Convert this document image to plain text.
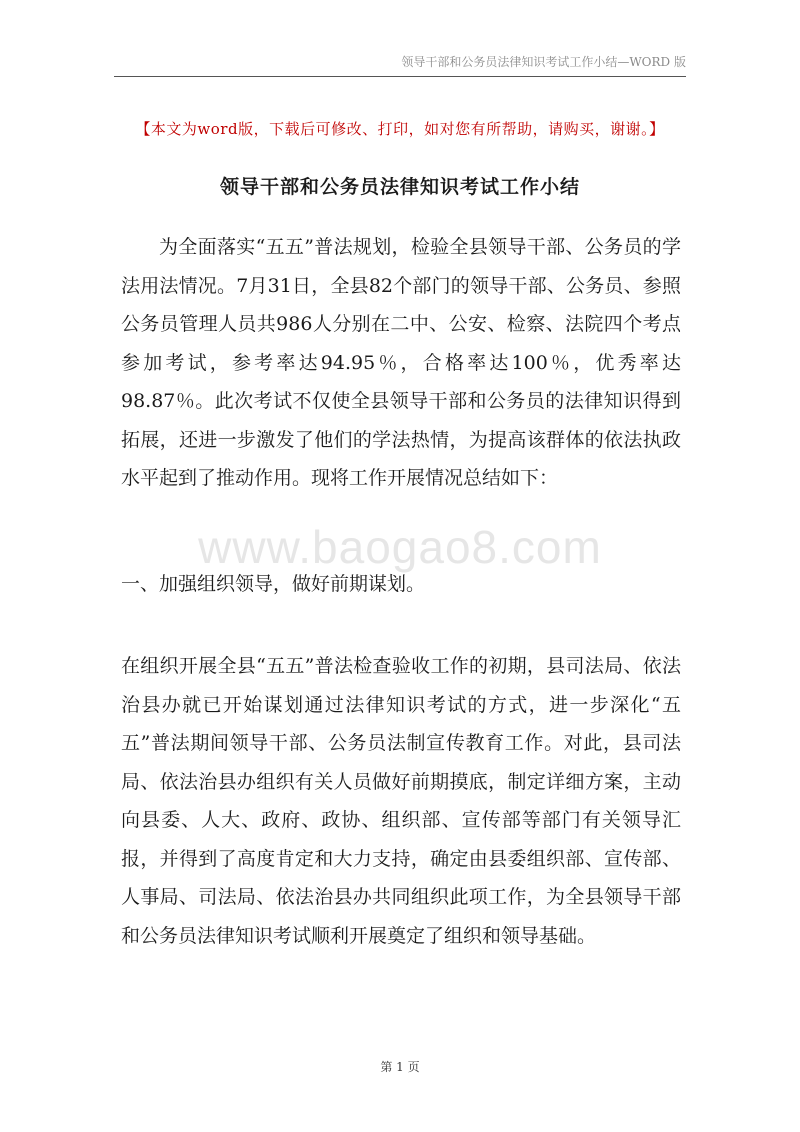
领导干部和公务员法律知识考试工作小结—WORD 版
【本文为word版，下载后可修改、打印，如对您有所帮助，请购买，谢谢。】
领导干部和公务员法律知识考试工作小结
为全面落实“五五”普法规划，检验全县领导干部、公务员的学法用法情况。7月31日，全县82个部门的领导干部、公务员、参照公务员管理人员共986人分别在二中、公安、检察、法院四个考点参加考试，参考率达94.95％，合格率达100％，优秀率达98.87％。此次考试不仅使全县领导干部和公务员的法律知识得到拓展，还进一步激发了他们的学法热情，为提高该群体的依法执政水平起到了推动作用。现将工作开展情况总结如下：
www.baogao8.com
一、加强组织领导，做好前期谋划。
在组织开展全县“五五”普法检查验收工作的初期，县司法局、依法治县办就已开始谋划通过法律知识考试的方式，进一步深化“五五”普法期间领导干部、公务员法制宣传教育工作。对此，县司法局、依法治县办组织有关人员做好前期摸底，制定详细方案，主动向县委、人大、政府、政协、组织部、宣传部等部门有关领导汇报，并得到了高度肯定和大力支持，确定由县委组织部、宣传部、人事局、司法局、依法治县办共同组织此项工作，为全县领导干部和公务员法律知识考试顺利开展奠定了组织和领导基础。
第 1 页
